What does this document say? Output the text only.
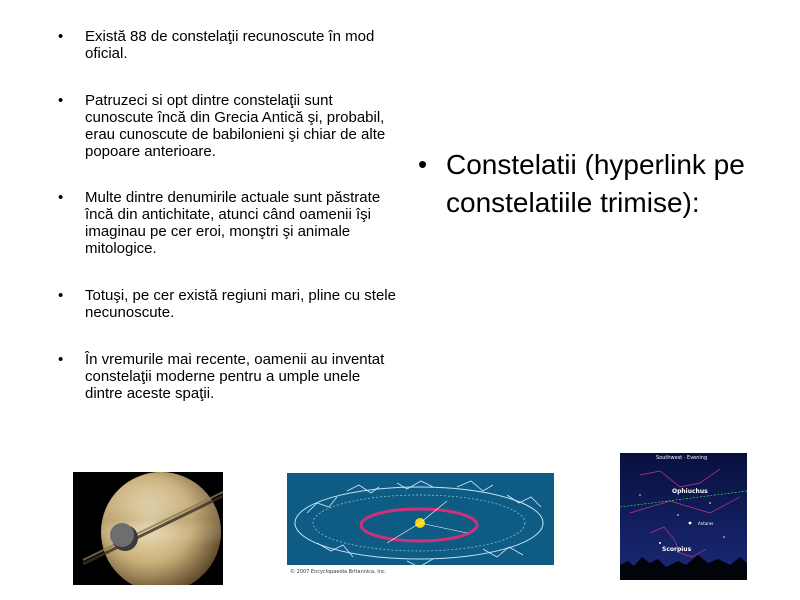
• Există 88 de constelaţii recunoscute în mod oficial.
• Patruzeci si opt dintre constelaţii sunt cunoscute încă din Grecia Antică şi, probabil, erau cunoscute de babilonieni şi chiar de alte popoare anterioare.
• Multe dintre denumirile actuale sunt păstrate încă din antichitate, atunci când oamenii îşi imaginau pe cer eroi, monştri şi animale mitologice.
• Totuşi, pe cer există regiuni mari, pline cu stele necunoscute.
• În vremurile mai recente, oamenii au inventat constelaţii moderne pentru a umple unele dintre aceste spaţii.
• Constelatii (hyperlink pe constelatiile trimise):
© 2007 Encyclopaedia Britannica, Inc.
Southwest · Evening
Ophiuchus
Antares
Scorpius
